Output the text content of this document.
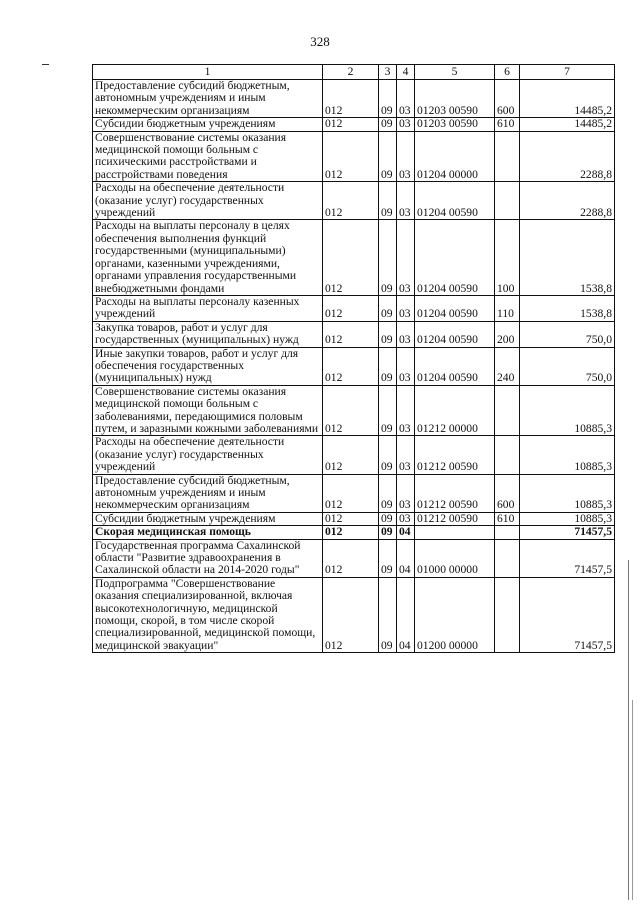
328
1	2	3	4	5	6	7
Предоставление субсидий бюджетным, автономным учреждениям и иным некоммерческим организациям	012	09	03	01203 00590	600	14485,2
Субсидии бюджетным учреждениям	012	09	03	01203 00590	610	14485,2
Совершенствование системы оказания медицинской помощи больным с психическими расстройствами и расстройствами поведения	012	09	03	01204 00000		2288,8
Расходы на обеспечение деятельности (оказание услуг) государственных учреждений	012	09	03	01204 00590		2288,8
Расходы на выплаты персоналу в целях обеспечения выполнения функций государственными (муниципальными) органами, казенными учреждениями, органами управления государственными внебюджетными фондами	012	09	03	01204 00590	100	1538,8
Расходы на выплаты персоналу казенных учреждений	012	09	03	01204 00590	110	1538,8
Закупка товаров, работ и услуг для государственных (муниципальных) нужд	012	09	03	01204 00590	200	750,0
Иные закупки товаров, работ и услуг для обеспечения государственных (муниципальных) нужд	012	09	03	01204 00590	240	750,0
Совершенствование системы оказания медицинской помощи больным с заболеваниями, передающимися половым путем, и заразными кожными заболеваниями	012	09	03	01212 00000		10885,3
Расходы на обеспечение деятельности (оказание услуг) государственных учреждений	012	09	03	01212 00590		10885,3
Предоставление субсидий бюджетным, автономным учреждениям и иным некоммерческим организациям	012	09	03	01212 00590	600	10885,3
Субсидии бюджетным учреждениям	012	09	03	01212 00590	610	10885,3
Скорая медицинская помощь	012	09	04			71457,5
Государственная программа Сахалинской области "Развитие здравоохранения в Сахалинской области на 2014-2020 годы"	012	09	04	01000 00000		71457,5
Подпрограмма "Совершенствование оказания специализированной, включая высокотехнологичную, медицинской помощи, скорой, в том числе скорой специализированной, медицинской помощи, медицинской эвакуации"	012	09	04	01200 00000		71457,5
